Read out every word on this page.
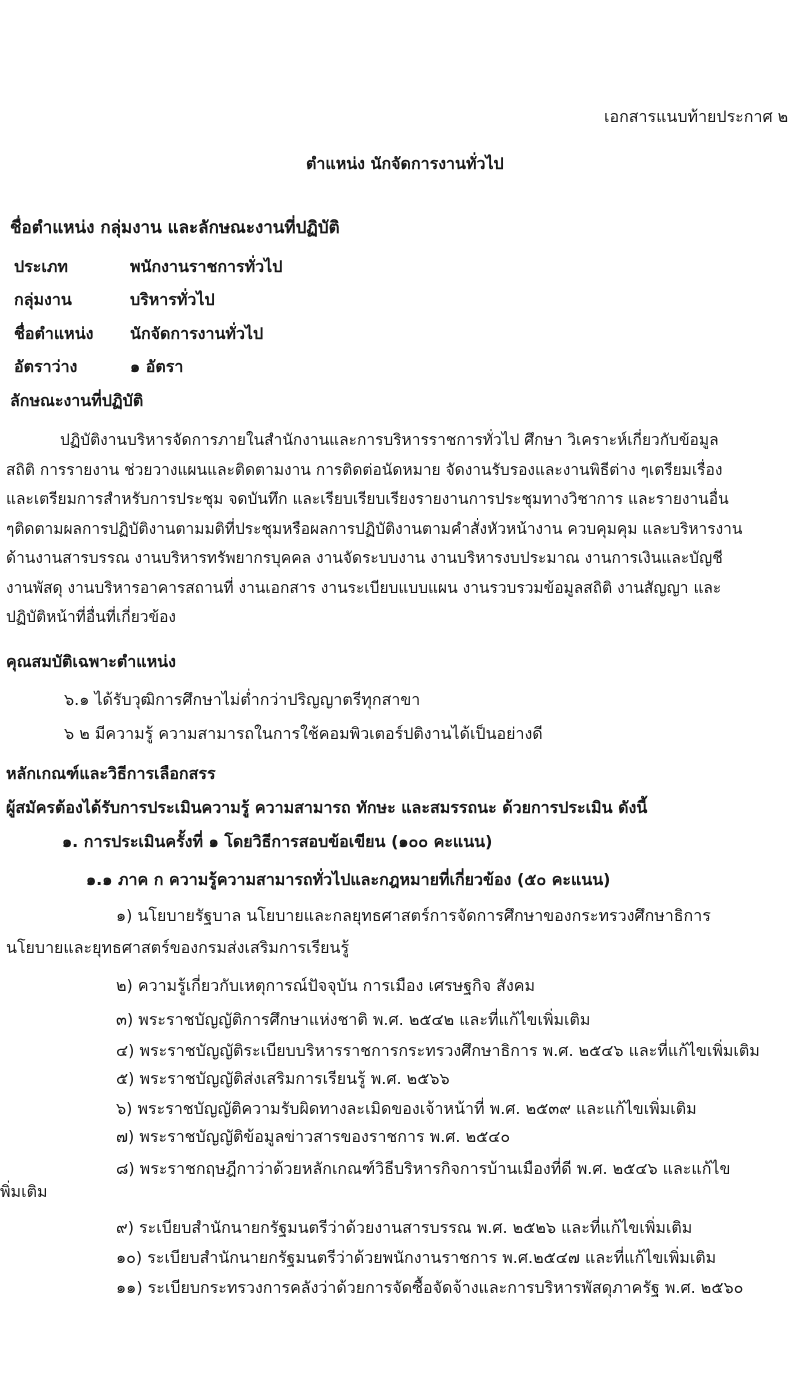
เอกสารแนบท้ายประกาศ ๒
ตำแหน่ง นักจัดการงานทั่วไป
ชื่อตำแหน่ง กลุ่มงาน และลักษณะงานที่ปฏิบัติ
ประเภท	พนักงานราชการทั่วไป
กลุ่มงาน	บริหารทั่วไป
ชื่อตำแหน่ง นักจัดการงานทั่วไป
อัตราว่าง	๑ อัตรา
ลักษณะงานที่ปฏิบัติ
ปฏิบัติงานบริหารจัดการภายในสำนักงานและการบริหารราชการทั่วไป ศึกษา วิเคราะห์เกี่ยวกับข้อมูล
สถิติ การรายงาน ช่วยวางแผนและติดตามงาน การติดต่อนัดหมาย จัดงานรับรองและงานพิธีต่าง ๆเตรียมเรื่อง
และเตรียมการสำหรับการประชุม จดบันทึก และเรียบเรียบเรียงรายงานการประชุมทางวิชาการ และรายงานอื่น
ๆติดตามผลการปฏิบัติงานตามมติที่ประชุมหรือผลการปฏิบัติงานตามคำสั่งหัวหน้างาน ควบคุมคุม และบริหารงาน
ด้านงานสารบรรณ งานบริหารทรัพยากรบุคคล งานจัดระบบงาน งานบริหารงบประมาณ งานการเงินและบัญชี
งานพัสดุ งานบริหารอาคารสถานที่ งานเอกสาร งานระเบียบแบบแผน งานรวบรวมข้อมูลสถิติ งานสัญญา และ
ปฏิบัติหน้าที่อื่นที่เกี่ยวข้อง
คุณสมบัติเฉพาะตำแหน่ง
๖.๑ ได้รับวุฒิการศึกษาไม่ต่ำกว่าปริญญาตรีทุกสาขา
๖ ๒ มีความรู้ ความสามารถในการใช้คอมพิวเตอร์ปติงานได้เป็นอย่างดี
หลักเกณฑ์และวิธีการเลือกสรร
ผู้สมัครต้องได้รับการประเมินความรู้ ความสามารถ ทักษะ และสมรรถนะ ด้วยการประเมิน ดังนี้
๑. การประเมินครั้งที่ ๑ โดยวิธีการสอบข้อเขียน (๑๐๐ คะแนน)
๑.๑ ภาค ก ความรู้ความสามารถทั่วไปและกฎหมายที่เกี่ยวข้อง (๕๐ คะแนน)
๑) นโยบายรัฐบาล นโยบายและกลยุทธศาสตร์การจัดการศึกษาของกระทรวงศึกษาธิการ
นโยบายและยุทธศาสตร์ของกรมส่งเสริมการเรียนรู้
๒) ความรู้เกี่ยวกับเหตุการณ์ปัจจุบัน การเมือง เศรษฐกิจ สังคม
๓) พระราชบัญญัติการศึกษาแห่งชาติ พ.ศ. ๒๕๔๒ และที่แก้ไขเพิ่มเติม
๔) พระราชบัญญัติระเบียบบริหารราชการกระทรวงศึกษาธิการ พ.ศ. ๒๕๔๖ และที่แก้ไขเพิ่มเติม
๕) พระราชบัญญัติส่งเสริมการเรียนรู้ พ.ศ. ๒๕๖๖
๖) พระราชบัญญัติความรับผิดทางละเมิดของเจ้าหน้าที่ พ.ศ. ๒๕๓๙ และแก้ไขเพิ่มเติม
๗) พระราชบัญญัติข้อมูลข่าวสารของราชการ พ.ศ. ๒๕๔๐
๘) พระราชกฤษฎีกาว่าด้วยหลักเกณฑ์วิธีบริหารกิจการบ้านเมืองที่ดี พ.ศ. ๒๕๔๖ และแก้ไข
พิ่มเติม
๙) ระเบียบสำนักนายกรัฐมนตรีว่าด้วยงานสารบรรณ พ.ศ. ๒๕๒๖ และที่แก้ไขเพิ่มเติม
๑๐) ระเบียบสำนักนายกรัฐมนตรีว่าด้วยพนักงานราชการ พ.ศ.๒๕๔๗ และที่แก้ไขเพิ่มเติม
๑๑) ระเบียบกระทรวงการคลังว่าด้วยการจัดซื้อจัดจ้างและการบริหารพัสดุภาครัฐ พ.ศ. ๒๕๖๐
